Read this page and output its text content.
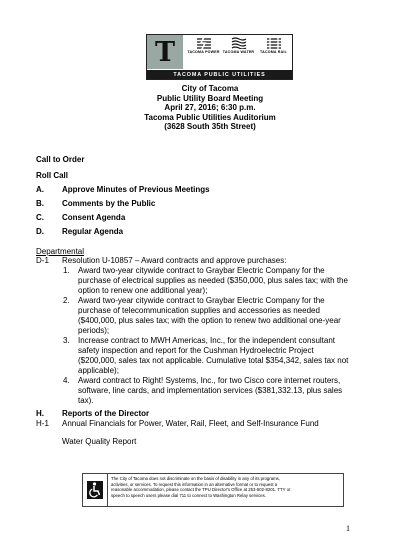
T	TACOMA POWER TACOMA WATER TACOMA RAIL
TACOMA PUBLIC UTILITIES
City of Tacoma
Public Utility Board Meeting
April 27, 2016; 6:30 p.m.
Tacoma Public Utilities Auditorium
(3628 South 35th Street)
Call to Order
Roll Call
A. Approve Minutes of Previous Meetings
B. Comments by the Public
C. Consent Agenda
D. Regular Agenda
Departmental
D-1 Resolution U-10857 – Award contracts and approve purchases:
1. Award two-year citywide contract to Graybar Electric Company for the
purchase of electrical supplies as needed ($350,000, plus sales tax; with the
option to renew one additional year);
2. Award two-year citywide contract to Graybar Electric Company for the
purchase of telecommunication supplies and accessories as needed
($400,000, plus sales tax; with the option to renew two additional one-year
periods);
3. Increase contract to MWH Americas, Inc., for the independent consultant
safety inspection and report for the Cushman Hydroelectric Project
($200,000, sales tax not applicable. Cumulative total $354,342, sales tax not
applicable);
4. Award contract to Right! Systems, Inc., for two Cisco core internet routers,
software, line cards, and implementation services ($381,332.13, plus sales
tax).
H. Reports of the Director
H-1 Annual Financials for Power, Water, Rail, Fleet, and Self-Insurance Fund
Water Quality Report
The City of Tacoma does not discriminate on the basis of disability in any of its programs,
activities, or services. To request this information in an alternative format or to request a
reasonable accommodation, please contact the TPU Director's Office at 253-502-8201. TTY or
speech to speech users please dial 711 to connect to Washington Relay services.
1
